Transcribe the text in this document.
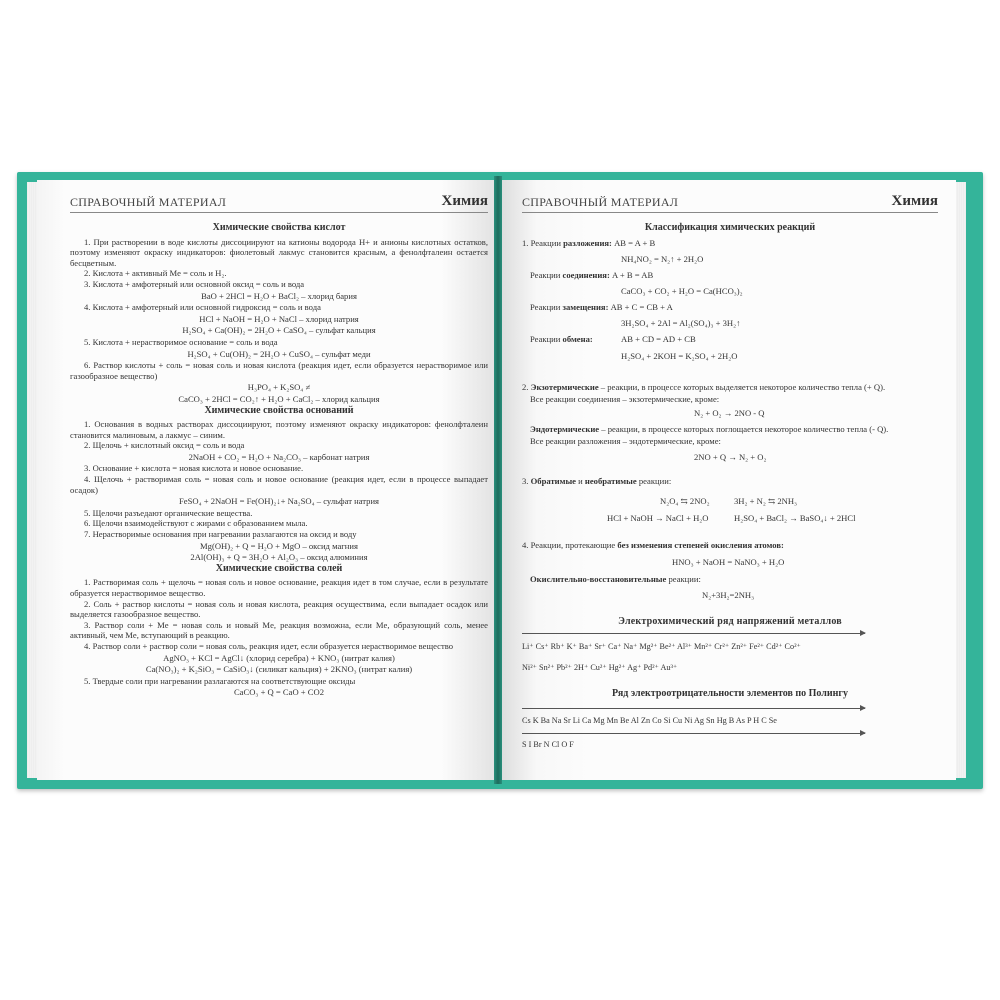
СПРАВОЧНЫЙ МАТЕРИАЛ	Химия
Химические свойства кислот

1. При растворении в воде кислоты диссоциируют на катионы водорода H+ и анионы кислотных остатков, поэтому изменяют окраску индикаторов: фиолетовый лакмус становится красным, а фенолфталеин остается бесцветным.

2. Кислота + активный Me = соль и H₂.

3. Кислота + амфотерный или основной оксид = соль и вода

BaO + 2HCl = H₂O + BaCl₂ – хлорид бария

4. Кислота + амфотерный или основной гидроксид = соль и вода

HCl + NaOH = H₂O + NaCl – хлорид натрия
H₂SO₄ + Ca(OH)₂ = 2H₂O + CaSO₄ – сульфат кальция

5. Кислота + нерастворимое основание = соль и вода

H₂SO₄ + Cu(OH)₂ = 2H₂O + CuSO₄ – сульфат меди

6. Раствор кислоты + соль = новая соль и новая кислота (реакция идет, если образуется нерастворимое или газообразное вещество)

H₃PO₄ + K₂SO₄ ≠
CaCO₃ + 2HCl = CO₂↑ + H₂O + CaCl₂ – хлорид кальция
Химические свойства оснований

1. Основания в водных растворах диссоциируют, поэтому изменяют окраску индикаторов: фенолфталеин становится малиновым, а лакмус – синим.

2. Щелочь + кислотный оксид = соль и вода

2NaOH + CO₂ = H₂O + Na₂CO₃ – карбонат натрия

3. Основание + кислота = новая кислота и новое основание.

4. Щелочь + растворимая соль = новая соль и новое основание (реакция идет, если в процессе выпадает осадок)

FeSO₄ + 2NaOH = Fe(OH)₂↓+ Na₂SO₄ – сульфат натрия

5. Щелочи разъедают органические вещества.

6. Щелочи взаимодействуют с жирами с образованием мыла.

7. Нерастворимые основания при нагревании разлагаются на оксид и воду

Mg(OH)₂ + Q = H₂O + MgO – оксид магния
2Al(OH)₃ + Q = 3H₂O + Al₂O₃ – оксид алюминия
Химические свойства солей

1. Растворимая соль + щелочь = новая соль и новое основание, реакция идет в том случае, если в результате образуется нерастворимое вещество.

2. Соль + раствор кислоты = новая соль и новая кислота, реакция осуществима, если выпадает осадок или выделяется газообразное вещество.

3. Раствор соли + Me = новая соль и новый Me, реакция возможна, если Me, образующий соль, менее активный, чем Me, вступающий в реакцию.

4. Раствор соли + раствор соли = новая соль, реакция идет, если образуется нерастворимое вещество

AgNO₃ + KCl = AgCl↓ (хлорид серебра) + KNO₃ (нитрат калия)
Ca(NO₃)₂ + K₂SiO₃ = CaSiO₃↓ (силикат кальция) + 2KNO₃ (нитрат калия)

5. Твердые соли при нагревании разлагаются на соответствующие оксиды

CaCO₃ + Q = CaO + CO2
СПРАВОЧНЫЙ МАТЕРИАЛ	Химия
Классификация химических реакций
1. Реакции разложения: AB = A + B
NH₄NO₂ = N₂↑ + 2H₂O
Реакции соединения: A + B = AB
CaCO₃ + CO₂ + H₂O = Ca(HCO₃)₂
Реакции замещения: AB + C = CB + A
3H₂SO₄ + 2Al = Al₂(SO₄)₃ + 3H₂↑
Реакции обмена:	AB + CD = AD + CB
H₂SO₄ + 2KOH = K₂SO₄ + 2H₂O
2. Экзотермические – реакции, в процессе которых выделяется некоторое количество тепла (+ Q).
Все реакции соединения – экзотермические, кроме:
N₂ + O₂ → 2NO - Q
Эндотермические – реакции, в процессе которых поглощается некоторое количество тепла (- Q).
Все реакции разложения – эндотермические, кроме:
2NO + Q → N₂ + O₂
3. Обратимые и необратимые реакции:
N₂O₄ ⇆ 2NO₂	3H₂ + N₂ ⇆ 2NH₃
HCl + NaOH → NaCl + H₂O	H₂SO₄ + BaCl₂ → BaSO₄↓ + 2HCl
4. Реакции, протекающие без изменения степеней окисления атомов:
HNO₃ + NaOH = NaNO₃ + H₂O
Окислительно-восстановительные реакции:
N₂+3H₂=2NH₃
Электрохимический ряд напряжений металлов
Li⁺ Cs⁺ Rb⁺ K⁺ Ba⁺ Sr⁺ Ca⁺ Na⁺ Mg²⁺ Be²⁺ Al³⁺ Mn²⁺ Cr²⁺ Zn²⁺ Fe²⁺ Cd²⁺ Co²⁺
Ni²⁺ Sn²⁺ Pb²⁺ 2H⁺ Cu²⁺ Hg²⁺ Ag⁺ Pd²⁺ Au³⁺
Ряд электроотрицательности элементов по Полингу
Cs K Ba Na Sr Li Ca Mg Mn Be Al Zn Co Si Cu Ni Ag Sn Hg B As P H C Se
S I Br N Cl O F
